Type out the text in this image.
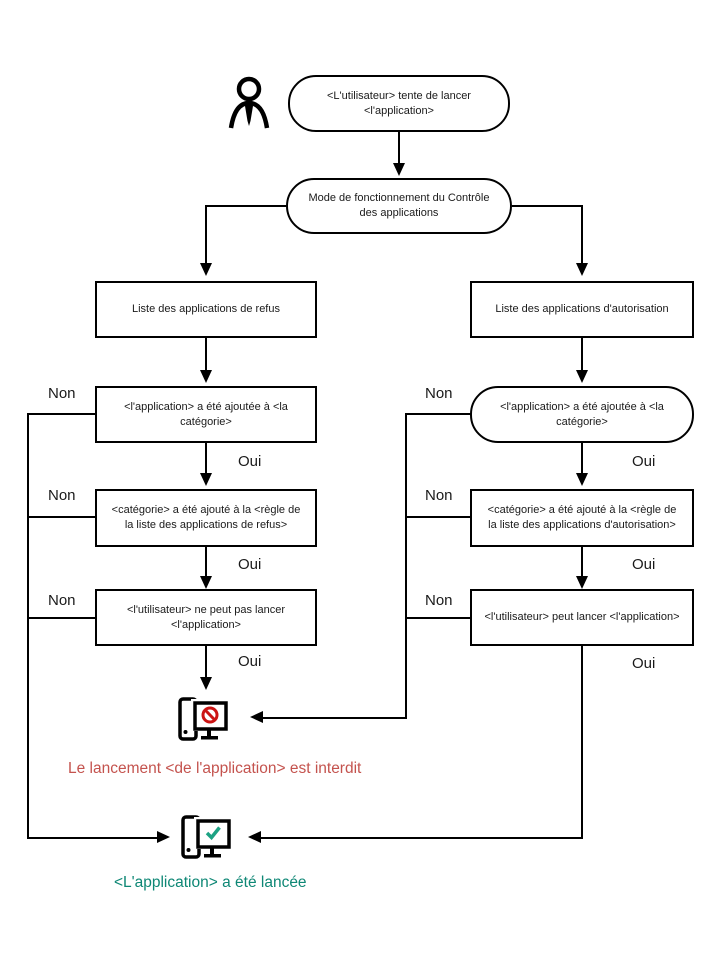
<L'utilisateur> tente de lancer <l'application>
Mode de fonctionnement du Contrôle des applications
Liste des applications de refus
<l'application> a été ajoutée à <la catégorie>
<catégorie> a été ajouté à la <règle de la liste des applications de refus>
<l'utilisateur> ne peut pas lancer <l'application>
Liste des applications d'autorisation
<l'application> a été ajoutée à <la catégorie>
<catégorie> a été ajouté à la <règle de la liste des applications d'autorisation>
<l'utilisateur> peut lancer <l'application>
Non
Non
Non
Oui
Oui
Oui
Non
Non
Non
Oui
Oui
Oui
Le lancement <de l'application> est interdit
<L'application> a été lancée
